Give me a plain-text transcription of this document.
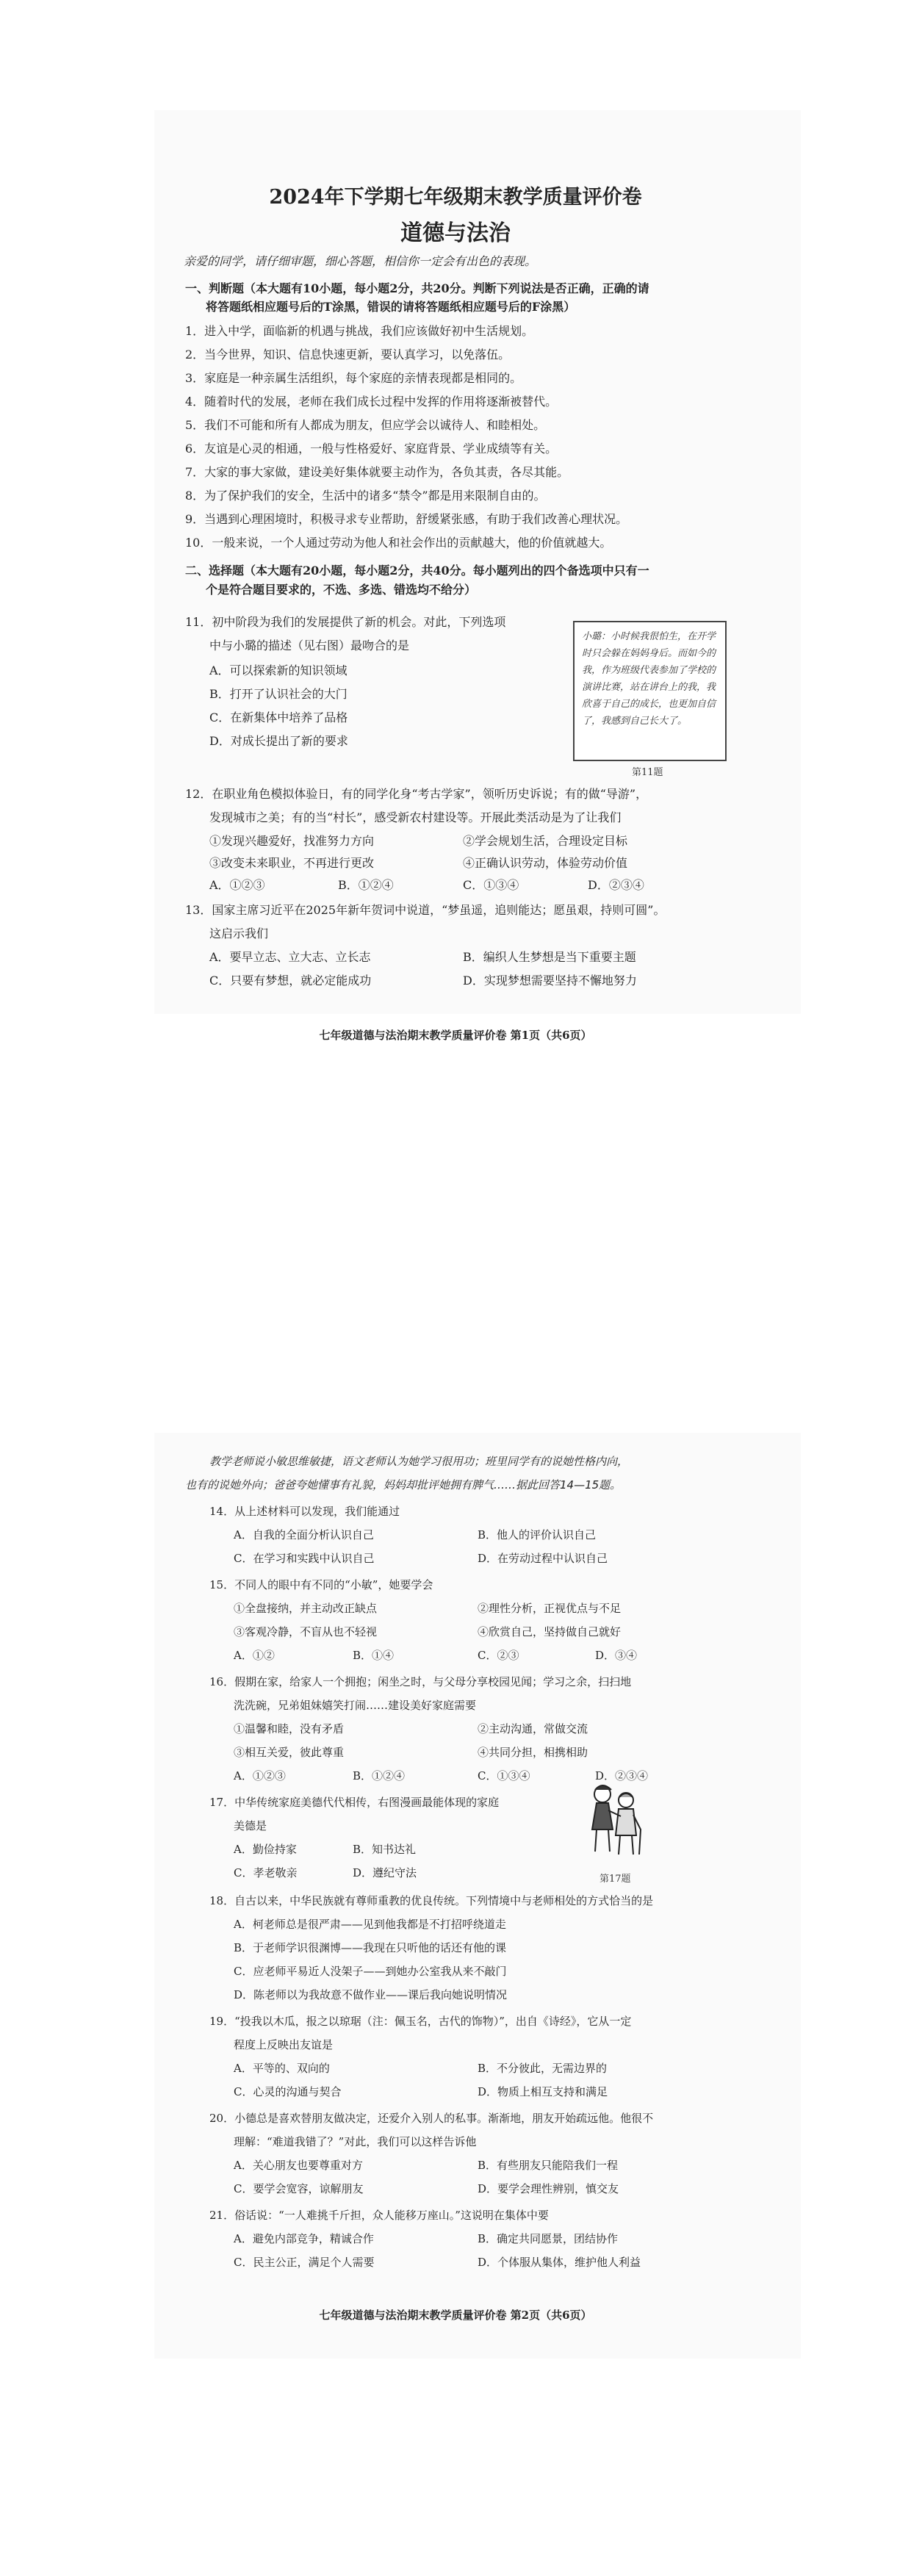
2024年下学期七年级期末教学质量评价卷
道德与法治
亲爱的同学，请仔细审题，细心答题，相信你一定会有出色的表现。
一、判断题（本大题有10小题，每小题2分，共20分。判断下列说法是否正确，正确的请
将答题纸相应题号后的T涂黑，错误的请将答题纸相应题号后的F涂黑）
1．进入中学，面临新的机遇与挑战，我们应该做好初中生活规划。
2．当今世界，知识、信息快速更新，要认真学习，以免落伍。
3．家庭是一种亲属生活组织，每个家庭的亲情表现都是相同的。
4．随着时代的发展，老师在我们成长过程中发挥的作用将逐渐被替代。
5．我们不可能和所有人都成为朋友，但应学会以诚待人、和睦相处。
6．友谊是心灵的相通，一般与性格爱好、家庭背景、学业成绩等有关。
7．大家的事大家做，建设美好集体就要主动作为，各负其责，各尽其能。
8．为了保护我们的安全，生活中的诸多“禁令”都是用来限制自由的。
9．当遇到心理困境时，积极寻求专业帮助，舒缓紧张感，有助于我们改善心理状况。
10．一般来说，一个人通过劳动为他人和社会作出的贡献越大，他的价值就越大。
二、选择题（本大题有20小题，每小题2分，共40分。每小题列出的四个备选项中只有一
个是符合题目要求的，不选、多选、错选均不给分）
11．初中阶段为我们的发展提供了新的机会。对此，下列选项
中与小璐的描述（见右图）最吻合的是
A．可以探索新的知识领域
B．打开了认识社会的大门
C．在新集体中培养了品格
D．对成长提出了新的要求
小璐：小时候我很怕生，在开学时只会躲在妈妈身后。而如今的我，作为班级代表参加了学校的演讲比赛，站在讲台上的我，我欣喜于自己的成长，也更加自信了，我感到自己长大了。
第11题
12．在职业角色模拟体验日，有的同学化身“考古学家”，领听历史诉说；有的做“导游”，
发现城市之美；有的当“村长”，感受新农村建设等。开展此类活动是为了让我们
①发现兴趣爱好，找准努力方向	②学会规划生活，合理设定目标
③改变未来职业，不再进行更改	④正确认识劳动，体验劳动价值
A．①②③	B．①②④	C．①③④	D．②③④
13．国家主席习近平在2025年新年贺词中说道，“梦虽遥，追则能达；愿虽艰，持则可圆”。
这启示我们
A．要早立志、立大志、立长志	B．编织人生梦想是当下重要主题
C．只要有梦想，就必定能成功	D．实现梦想需要坚持不懈地努力
七年级道德与法治期末教学质量评价卷 第1页（共6页）
教学老师说小敏思维敏捷，语文老师认为她学习很用功；班里同学有的说她性格内向，
也有的说她外向；爸爸夸她懂事有礼貌，妈妈却批评她拥有脾气……据此回答14—15题。
14．从上述材料可以发现，我们能通过
A．自我的全面分析认识自己	B．他人的评价认识自己
C．在学习和实践中认识自己	D．在劳动过程中认识自己
15．不同人的眼中有不同的“小敏”，她要学会
①全盘接纳，并主动改正缺点	②理性分析，正视优点与不足
③客观冷静，不盲从也不轻视	④欣赏自己，坚持做自己就好
A．①②	B．①④	C．②③	D．③④
16．假期在家，给家人一个拥抱；闲坐之时，与父母分享校园见闻；学习之余，扫扫地
洗洗碗，兄弟姐妹嬉笑打闹……建设美好家庭需要
①温馨和睦，没有矛盾	②主动沟通，常做交流
③相互关爱，彼此尊重	④共同分担，相携相助
A．①②③	B．①②④	C．①③④	D．②③④
17．中华传统家庭美德代代相传，右图漫画最能体现的家庭
美德是
A．勤俭持家	B．知书达礼
C．孝老敬亲	D．遵纪守法	第17题
18．自古以来，中华民族就有尊师重教的优良传统。下列情境中与老师相处的方式恰当的是
A．柯老师总是很严肃——见到他我都是不打招呼绕道走
B．于老师学识很渊博——我现在只听他的话还有他的课
C．应老师平易近人没架子——到她办公室我从来不敲门
D．陈老师以为我故意不做作业——课后我向她说明情况
19．“投我以木瓜，报之以琼琚（注：佩玉名，古代的饰物）”，出自《诗经》，它从一定
程度上反映出友谊是
A．平等的、双向的	B．不分彼此，无需边界的
C．心灵的沟通与契合	D．物质上相互支持和满足
20．小德总是喜欢替朋友做决定，还爱介入别人的私事。渐渐地，朋友开始疏远他。他很不
理解：“难道我错了？”对此，我们可以这样告诉他
A．关心朋友也要尊重对方	B．有些朋友只能陪我们一程
C．要学会宽容，谅解朋友	D．要学会理性辨别，慎交友
21．俗话说：“一人难挑千斤担，众人能移万座山。”这说明在集体中要
A．避免内部竞争，精诚合作	B．确定共同愿景，团结协作
C．民主公正，满足个人需要	D．个体服从集体，维护他人利益
七年级道德与法治期末教学质量评价卷 第2页（共6页）
